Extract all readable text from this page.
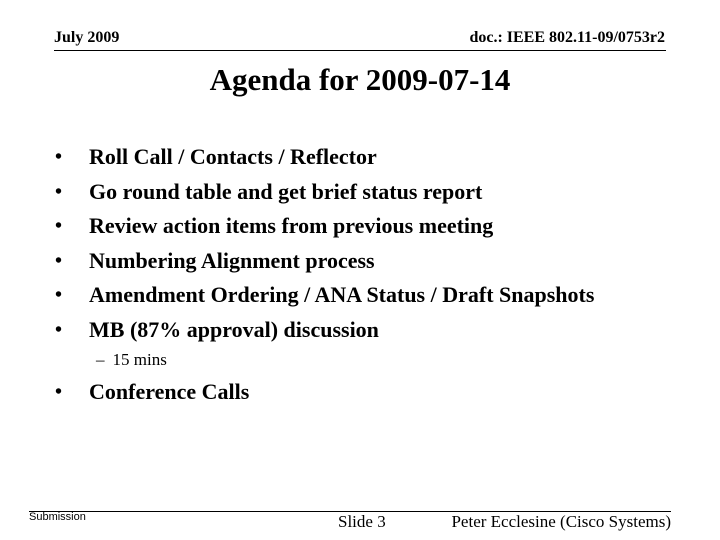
July 2009	doc.: IEEE 802.11-09/0753r2
Agenda for 2009-07-14
• Roll Call / Contacts / Reflector
• Go round table and get brief status report
• Review action items from previous meeting
• Numbering Alignment process
• Amendment Ordering / ANA Status / Draft Snapshots
• MB (87% approval) discussion
– 15 mins
• Conference Calls
Submission	Slide 3	Peter Ecclesine (Cisco Systems)
